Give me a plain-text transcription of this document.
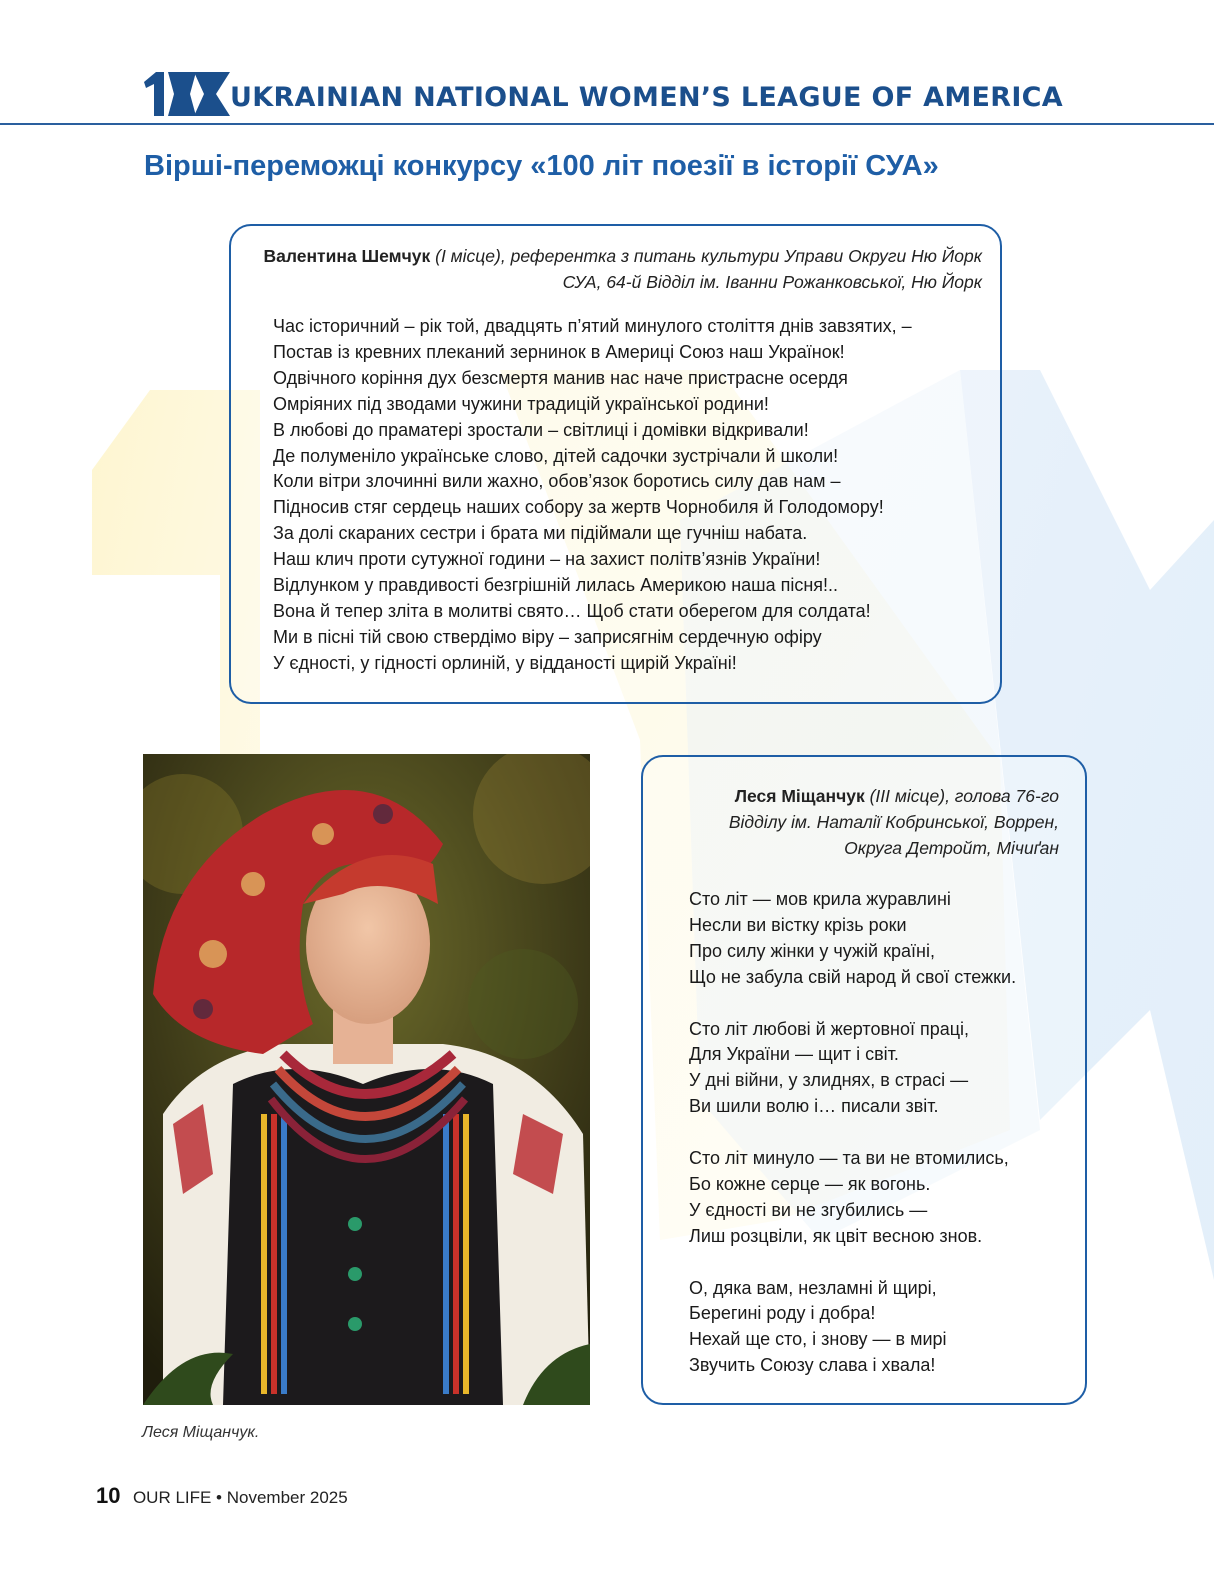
UKRAINIAN NATIONAL WOMEN’S LEAGUE OF AMERICA
Вірші-переможці конкурсу «100 літ поезії в історії СУА»
Валентина Шемчук (I місце), референтка з питань культури Управи Округи Ню Йорк СУА, 64-й Відділ ім. Іванни Рожанковської, Ню Йорк
Час історичний – рік той, двадцять п’ятий минулого століття днів завзятих, –
Постав із кревних плеканий зернинок в Америці Союз наш Українок!
Одвічного коріння дух безсмертя манив нас наче пристрасне осердя
Омріяних під зводами чужини традицій української родини!
В любові до праматері зростали – світлиці і домівки відкривали!
Де полуменіло українське слово, дітей садочки зустрічали й школи!
Коли вітри злочинні вили жахно, обов’язок боротись силу дав нам –
Підносив стяг сердець наших собору за жертв Чорнобиля й Голодомору!
За долі скараних сестри і брата ми підіймали ще гучніш набата.
Наш клич проти сутужної години – на захист політв’язнів України!
Відлунком у правдивості безгрішній лилась Америкою наша пісня!..
Вона й тепер зліта в молитві свято… Щоб стати оберегом для солдата!
Ми в пісні тій свою ствердімо віру – заприсягнім сердечную офіру
У єдності, у гідності орлиній, у відданості щирій Україні!
Леся Міщанчук.
Леся Міщанчук (III місце), голова 76-го
Відділу ім. Наталії Кобринської, Воррен,
Округа Детройт, Мічиґан
Сто літ — мов крила журавлині
Несли ви вістку крізь роки
Про силу жінки у чужій країні,
Що не забула свій народ й свої стежки.
Сто літ любові й жертовної праці,
Для України — щит і світ.
У дні війни, у злиднях, в страсі —
Ви шили волю і… писали звіт.
Сто літ минуло — та ви не втомились,
Бо кожне серце — як вогонь.
У єдності ви не згубились —
Лиш розцвіли, як цвіт весною знов.
О, дяка вам, незламні й щирі,
Берегині роду і добра!
Нехай ще сто, і знову — в мирі
Звучить Союзу слава і хвала!
10 OUR LIFE • November 2025
